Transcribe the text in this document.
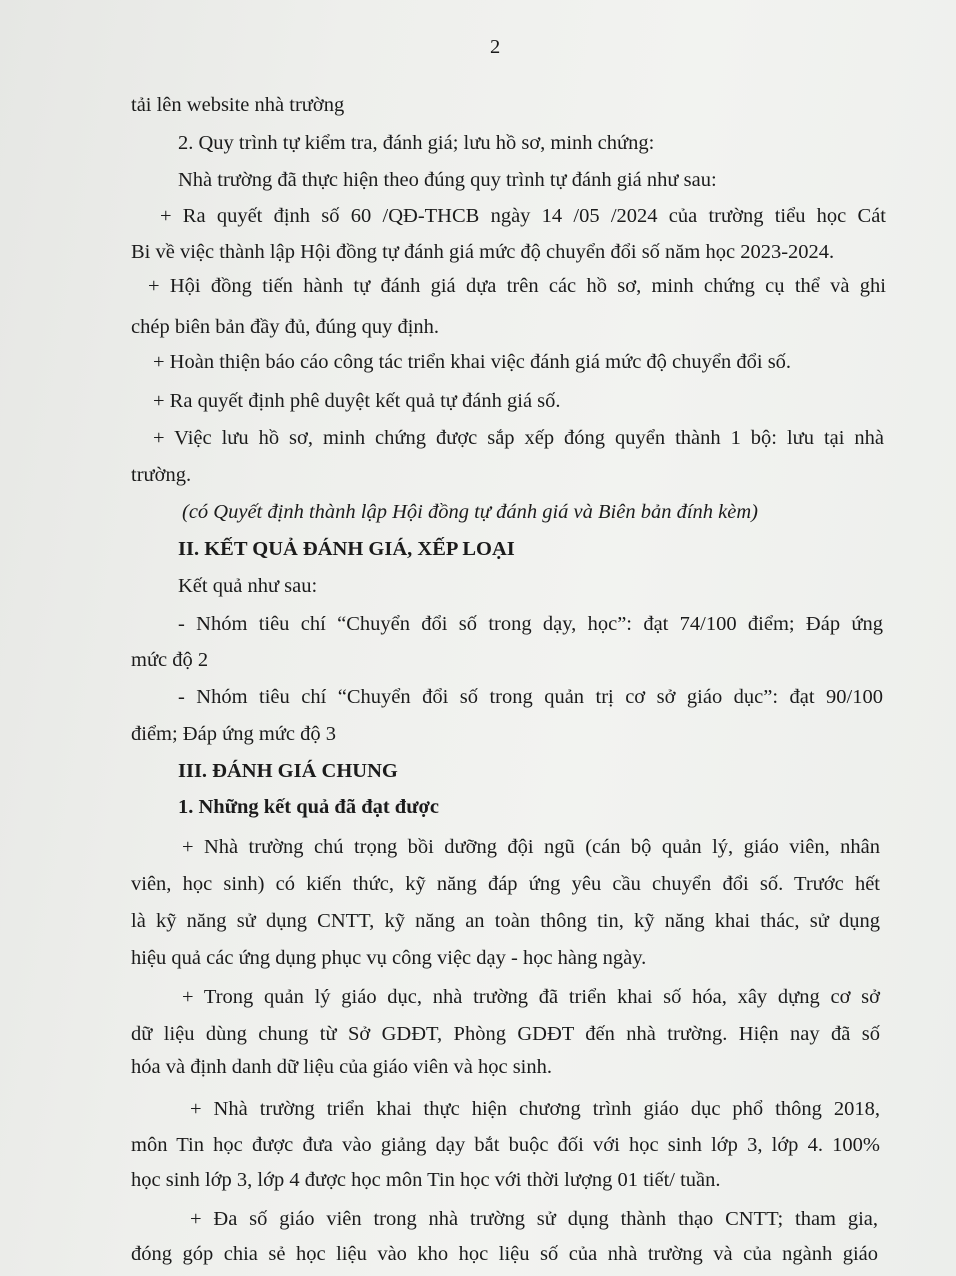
2
tải lên website nhà trường
2. Quy trình tự kiểm tra, đánh giá; lưu hồ sơ, minh chứng:
Nhà trường đã thực hiện theo đúng quy trình tự đánh giá như sau:
+ Ra quyết định số 60 /QĐ-THCB ngày 14 /05 /2024 của trường tiểu học Cát
Bi về việc thành lập Hội đồng tự đánh giá mức độ chuyển đổi số năm học 2023-2024.
+ Hội đồng tiến hành tự đánh giá dựa trên các hồ sơ, minh chứng cụ thể và ghi
chép biên bản đầy đủ, đúng quy định.
+ Hoàn thiện báo cáo công tác triển khai việc đánh giá mức độ chuyển đổi số.
+ Ra quyết định phê duyệt kết quả tự đánh giá số.
+ Việc lưu hồ sơ, minh chứng được sắp xếp đóng quyển thành 1 bộ: lưu tại nhà
trường.
(có Quyết định thành lập Hội đồng tự đánh giá và Biên bản đính kèm)
II. KẾT QUẢ ĐÁNH GIÁ, XẾP LOẠI
Kết quả như sau:
- Nhóm tiêu chí “Chuyển đổi số trong dạy, học”: đạt 74/100 điểm; Đáp ứng
mức độ 2
- Nhóm tiêu chí “Chuyển đổi số trong quản trị cơ sở giáo dục”: đạt 90/100
điểm; Đáp ứng mức độ 3
III. ĐÁNH GIÁ CHUNG
1. Những kết quả đã đạt được
+ Nhà trường chú trọng bồi dưỡng đội ngũ (cán bộ quản lý, giáo viên, nhân
viên, học sinh) có kiến thức, kỹ năng đáp ứng yêu cầu chuyển đổi số. Trước hết
là kỹ năng sử dụng CNTT, kỹ năng an toàn thông tin, kỹ năng khai thác, sử dụng
hiệu quả các ứng dụng phục vụ công việc dạy - học hàng ngày.
+ Trong quản lý giáo dục, nhà trường đã triển khai số hóa, xây dựng cơ sở
dữ liệu dùng chung từ Sở GDĐT, Phòng GDĐT đến nhà trường. Hiện nay đã số
hóa và định danh dữ liệu của giáo viên và học sinh.
+ Nhà trường triển khai thực hiện chương trình giáo dục phổ thông 2018,
môn Tin học được đưa vào giảng dạy bắt buộc đối với học sinh lớp 3, lớp 4. 100%
học sinh lớp 3, lớp 4 được học môn Tin học với thời lượng 01 tiết/ tuần.
+ Đa số giáo viên trong nhà trường sử dụng thành thạo CNTT; tham gia,
đóng góp chia sẻ học liệu vào kho học liệu số của nhà trường và của ngành giáo
